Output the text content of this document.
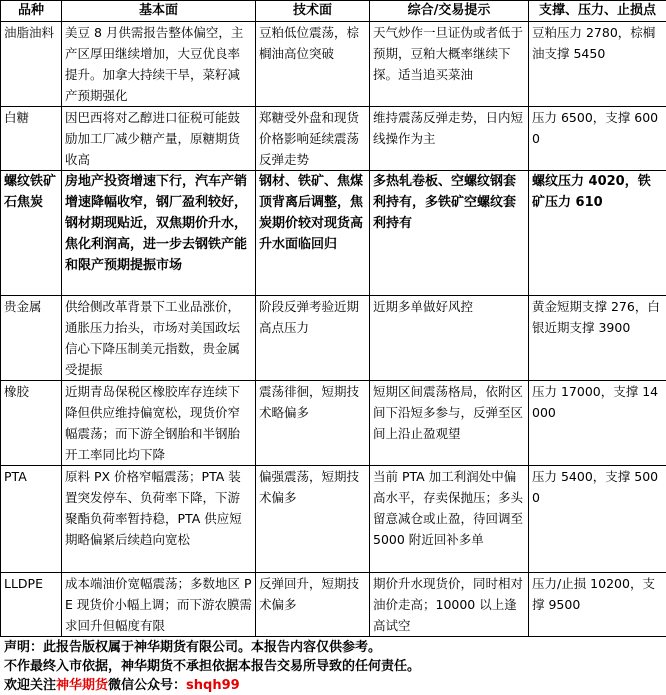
品种	基本面	技术面	综合/交易提示	支撑、压力、止损点
油脂油料	美豆 8 月供需报告整体偏空，主产区厚田继续增加，大豆优良率提升。加拿大持续干旱，菜籽减产预期强化	豆粕低位震荡，棕榈油高位突破	天气炒作一旦证伪或者低于预期，豆粕大概率继续下探。适当追买菜油	豆粕压力 2780，棕榈油支撑 5450
白糖	因巴西将对乙醇进口征税可能鼓励加工厂减少糖产量，原糖期货收高	郑糖受外盘和现货价格影响延续震荡反弹走势	维持震荡反弹走势，日内短线操作为主	压力 6500，支撑 6000
螺纹铁矿石焦炭	房地产投资增速下行，汽车产销增速降幅收窄，钢厂盈利较好，钢材期现贴近，双焦期价升水，焦化利润高，进一步去钢铁产能和限产预期提振市场	钢材、铁矿、焦煤顶背离后调整，焦炭期价较对现货高升水面临回归	多热轧卷板、空螺纹钢套利持有，多铁矿空螺纹套利持有	螺纹压力 4020，铁矿压力 610
贵金属	供给侧改革背景下工业品涨价，通胀压力抬头，市场对美国政坛信心下降压制美元指数，贵金属受提振	阶段反弹考验近期高点压力	近期多单做好风控	黄金短期支撑 276，白银近期支撑 3900
橡胶	近期青岛保税区橡胶库存连续下降但供应维持偏宽松，现货价窄幅震荡；而下游全钢胎和半钢胎开工率同比均下降	震荡徘徊，短期技术略偏多	短期区间震荡格局，依附区间下沿短多参与，反弹至区间上沿止盈观望	压力 17000，支撑 14000
PTA	原料 PX 价格窄幅震荡；PTA 装置突发停车、负荷率下降，下游聚酯负荷率暂持稳，PTA 供应短期略偏紧后续趋向宽松	偏强震荡，短期技术偏多	当前 PTA 加工利润处中偏高水平，存卖保抛压；多头留意减仓或止盈，待回调至 5000 附近回补多单	压力 5400，支撑 5000
LLDPE	成本端油价宽幅震荡；多数地区 PE 现货价小幅上调；而下游农膜需求回升但幅度有限	反弹回升，短期技术偏多	期价升水现货价，同时相对油价走高；10000 以上逢高试空	压力/止损 10200，支撑 9500
声明：此报告版权属于神华期货有限公司。本报告内容仅供参考。
不作最终入市依据，神华期货不承担依据本报告交易所导致的任何责任。
欢迎关注神华期货微信公众号：shqh99
